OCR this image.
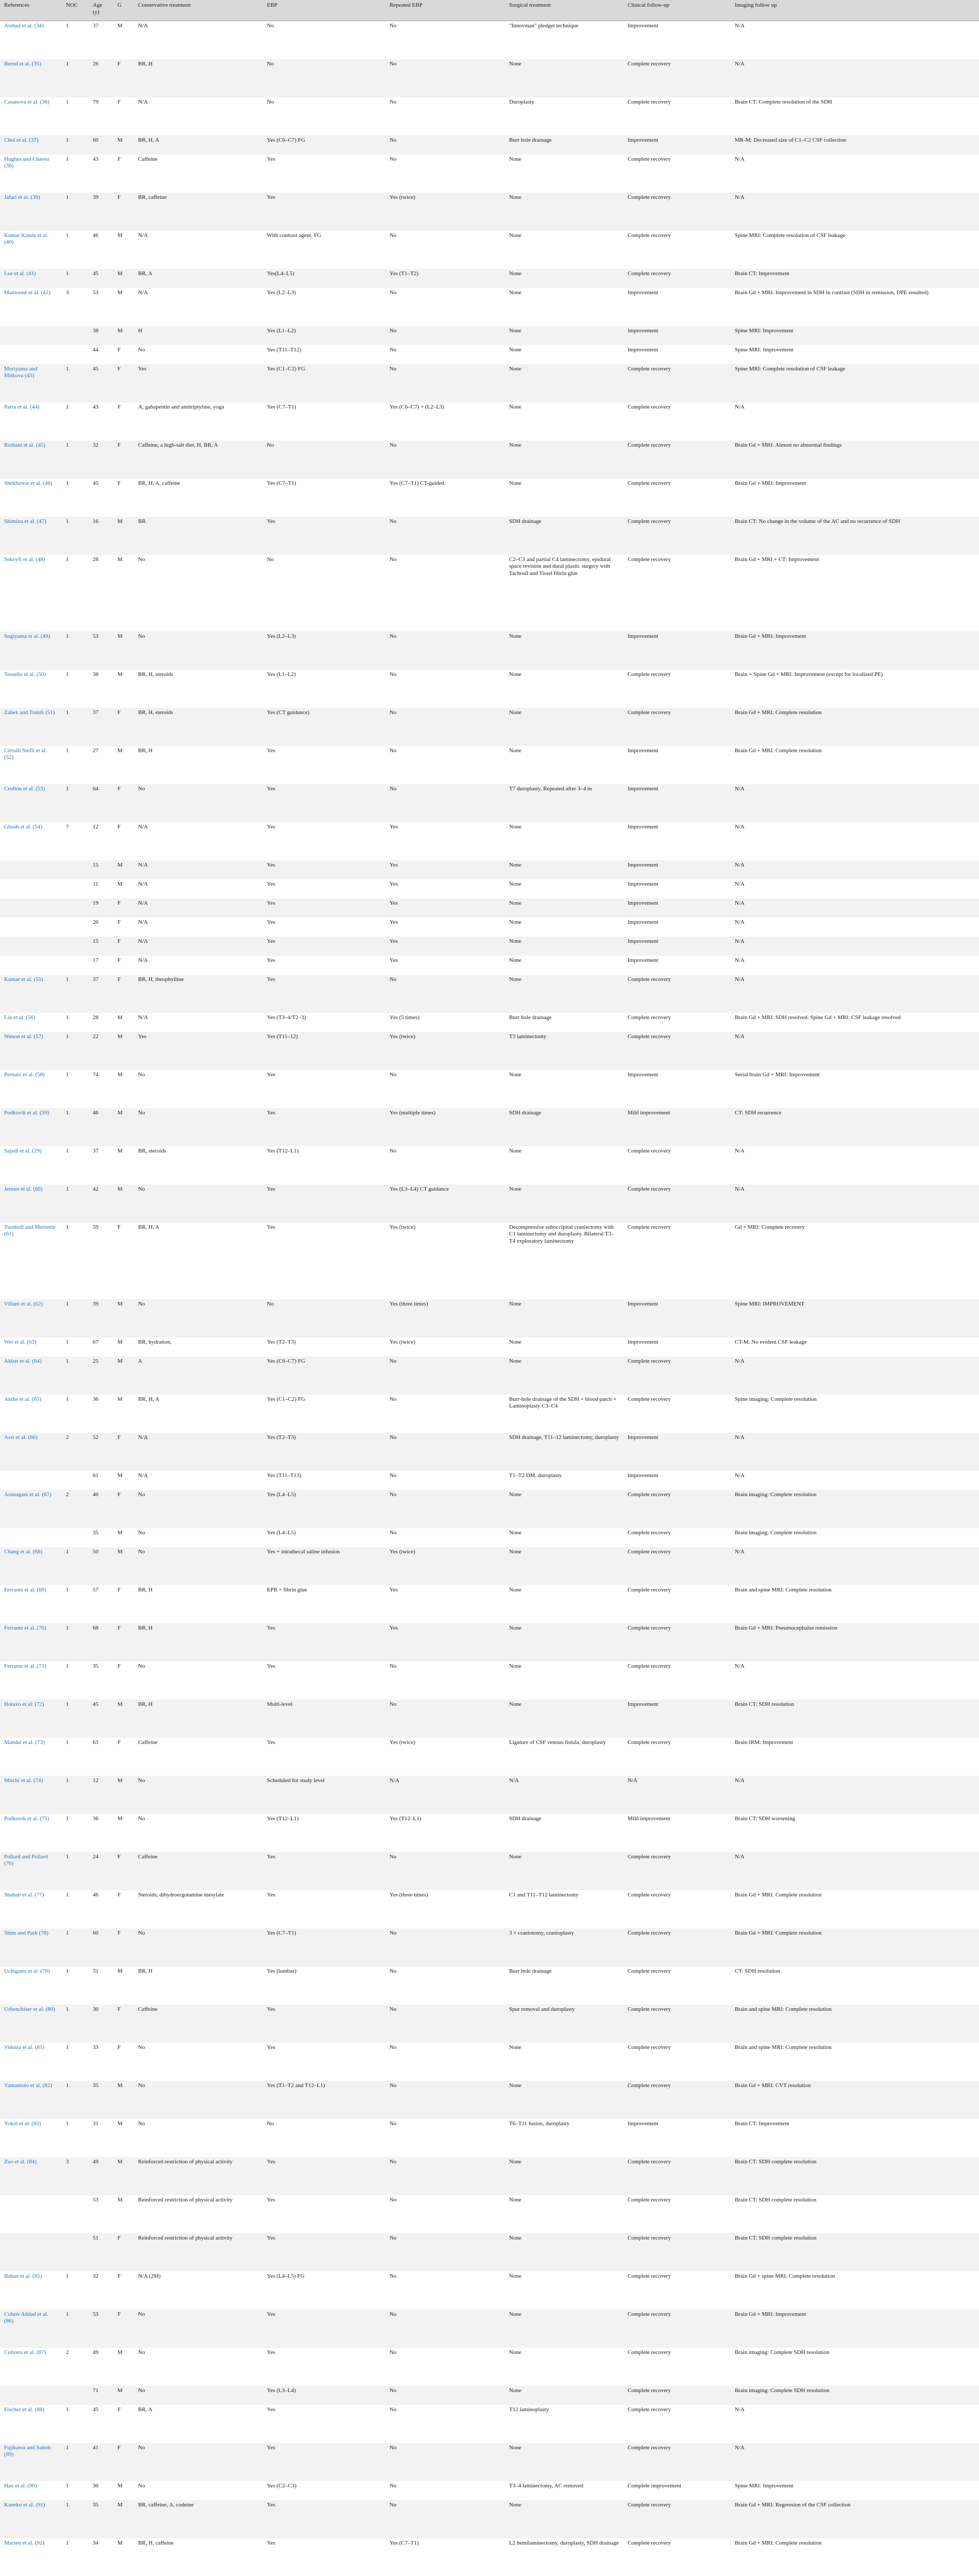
References	NOC	Age (y)	G	Conservative treatment	EBP	Repeated EBP	Surgical treatment	Clinical follow-up	Imaging follow up
Arshad et al. (34)	1	37	M	N/A	No	No	"Innovman" pledget technique	Improvement	N/A
Bernd et al. (35)	1	26	F	BR, H	No	No	None	Complete recovery	N/A
Casanova et al. (36)	1	79	F	N/A	No	No	Duroplasty	Complete recovery	Brain CT: Complete resolution of the SDH
Choi et al. (37)	1	60	M	BR, H, A	Yes (C6–C7) FG	No	Burr hole drainage	Improvement	MR-M: Decreased size of C1–C2 CSF collection
Hughes and Chavez (38)	1	43	F	Caffeine	Yes	No	None	Complete recovery	N/A
Jafari et al. (39)	1	39	F	BR, caffeine	Yes	Yes (twice)	None	Complete recovery	N/A
Kumar Kanda et al. (40)	1	46	M	N/A	With contrast agent, FG	No	None	Complete recovery	Spine MRI: Complete resolution of CSF leakage
Lee et al. (41)	1	45	M	BR, A	Yes(L4–L5)	Yes (T1–T2)	None	Complete recovery	Brain CT: Improvement
Mamoune et al. (42)	3	53	M	N/A	Yes (L2–L3)	No	None	Improvement	Brain Gd + MRI: Improvement in SDH in contrast (SDH in remission, DPE resulted)
		38	M	H	Yes (L1–L2)	No	None	Improvement	Spine MRI: Improvement
		44	F	No	Yes (T11–T12)	No	None	Improvement	Spine MRI: Improvement
Moriyama and Mitkova (43)	1	45	F	Yes	Yes (C1–C2) FG	No	None	Complete recovery	Spine MRI: Complete resolution of CSF leakage
Parra et al. (44)	1	43	F	A, gabapentin and amitriptyline, yoga	Yes (C7–T1)	Yes (C6–C7) + (L2–L3)	None	Complete recovery	N/A
Rothani et al. (45)	1	32	F	Caffeine, a high-salt diet, H, BR, A	No	No	None	Complete recovery	Brain Gd + MRI: Almost no abnormal findings
Shekhawat et al. (46)	1	45	F	BR, H, A, caffeine	Yes (C7–T1)	Yes (C7–T1) CT-guided	None	Complete recovery	Brain Gd + MRI: Improvement
Shimizu et al. (47)	1	16	M	BR	Yes	No	SDH drainage	Complete recovery	Brain CT: No change in the volume of the AC and no recurrence of SDH
Sekoyfi et al. (48)	1	28	M	No	No	No	C2–C3 and partial C4 laminectomy, epidural space revision and dural plastic surgery with Tachosil and Tissel fibrin glue	Complete recovery	Brain Gd + MRI + CT: Improvement
Sugiyama et al. (49)	1	53	M	No	Yes (L2–L3)	No	None	Improvement	Brain Gd + MRI: Improvement
Tessello et al. (50)	1	38	M	BR, H, steroids	Yes (L1–L2)	No	None	Complete recovery	Brain + Spine Gd + MRI: Improvement (except for localized PE)
Zabek and Tomik (51)	1	37	F	BR, H, steroids	Yes (CT guidance)	No	None	Complete recovery	Brain Gd + MRI: Complete resolution
Cirrulli Stefli et al. (52)	1	27	M	BR, H	Yes	No	None	Improvement	Brain Gd + MRI: Complete resolution
Crofton et al. (53)	1	64	F	No	Yes	No	T7 duroplasty. Repeated after 3–4 m	Improvement	N/A
Ghosh et al. (54)	7	12	F	N/A	Yes	Yes	None	Improvement	N/A
		15	M	N/A	Yes	Yes	None	Improvement	N/A
		11	M	N/A	Yes	Yes	None	Improvement	N/A
		19	F	N/A	Yes	Yes	None	Improvement	N/A
		20	F	N/A	Yes	Yes	None	Improvement	N/A
		15	F	N/A	Yes	Yes	None	Improvement	N/A
		17	F	N/A	Yes	Yes	None	Improvement	N/A
Kumar et al. (55)	1	37	F	BR, H, theophylline	Yes	No	None	Complete recovery	N/A
Liu et al. (56)	1	28	M	N/A	Yes (T3–4/T2–3)	Yes (5 times)	Burr hole drainage	Complete recovery	Brain Gd + MRI: SDH resolved. Spine Gd + MRI: CSF leakage resolved
Nimon et al. (57)	1	22	M	Yes	Yes (T11–12)	Yes (twice)	T3 laminectomy	Complete recovery	N/A
Pernato et al. (58)	1	74	M	No	Yes	No	None	Improvement	Serial brain Gd + MRI: Improvement
Podkovik et al. (59)	1	46	M	No	Yes	Yes (multiple times)	SDH drainage	Mild improvement	CT: SDH recurrence
Sajadi et al. (29)	1	37	M	BR, steroids	Yes (T12–L1)	No	None	Complete recovery	N/A
Jensen et al. (60)	1	42	M	No	Yes	Yes (L3–L4) CT guidance	None	Complete recovery	N/A
Turnbull and Mortenle (61)	1	59	F	BR, H, A	Yes	Yes (twice)	Decompressive suboccipital craniectomy with C1 laminectomy and duroplasty. Bilateral T3–T4 exploratory laminectomy	Complete recovery	Gd + MRI: Complete recovery
Villani et al. (62)	1	39	M	No	No	Yes (three times)	None	Improvement	Spine MRI: IMPROVEMENT
Wei et al. (63)	1	67	M	BR, hydration,	Yes (T2–T3)	Yes (twice)	None	Improvement	CT-M: No evident CSF leakage
Akbar et al. (64)	1	25	M	A	Yes (C6–C7) FG	No	None	Complete recovery	N/A
Akthe et al. (65)	1	36	M	BR, H, A	Yes (C1–C2) FG	No	Burr-hole drainage of the SDH + blood patch + Laminoplasty C3–C4	Complete recovery	Spine imaging: Complete resolution
Assi et al. (66)	2	52	F	N/A	Yes (T2–T3)	No	SDH drainage, T11–12 laminectomy, duroplasty	Improvement	N/A
		61	M	N/A	Yes (T11–T13)	No	T1–T2 DM, duroplasty	Improvement	N/A
Arunagam et al. (67)	2	40	F	No	Yes (L4–L5)	No	None	Complete recovery	Brain imaging: Complete resolution
		35	M	No	Yes (L4–L5)	No	None	Complete recovery	Brain imaging: Complete resolution
Chang et al. (68)	1	50	M	No	Yes + intrathecal saline infusion	Yes (twice)	None	Complete recovery	N/A
Ferrante et al. (69)	1	57	F	BR, H	EPB + fibrin glue	Yes	None	Complete recovery	Brain and spine MRI: Complete resolution
Ferrante et al. (70)	1	68	F	BR, H	Yes	Yes	None	Complete recovery	Brain Gd + MRI: Pneumocephalus remission
Ferrante et al. (71)	1	35	F	No	Yes	No	None	Complete recovery	N/A
Hotaxo et al. (72)	1	45	M	BR, H	Multi-level	No	None	Improvement	Brain CT: SDH resolution
Mandal et al. (73)	1	63	F	Caffeine	Yes	Yes (twice)	Ligature of CSF venous fistula, duroplasty	Complete recovery	Brain IRM: Improvement
Mirchi et al. (74)	1	12	M	No	Scheduled for study level	N/A	N/A	N/A	N/A
Podkovik et al. (75)	1	36	M	No	Yes (T12–L1)	Yes (T12–L1)	SDH drainage	Mild improvement	Brain CT: SDH worsening
Pollard and Pollard (76)	1	24	F	Caffeine	Yes	No	None	Complete recovery	N/A
Shahab et al. (77)	1	46	F	Steroids, dihydroergotamine mesylate	Yes	Yes (three times)	C1 and T11–T12 laminectomy	Complete recovery	Brain Gd + MRI: Complete resolution
Shim and Park (78)	1	60	F	No	Yes (C7–T1)	No	3 × craniotomy, cranioplasty	Complete recovery	Brain Gd + MRI: Complete resolution
Uchigami et al. (79)	1	31	M	BR, H	Yes (lumbar)	No	Burr hole drainage	Complete recovery	CT: SDH resolution
Urbenchiser et al. (80)	1	30	F	Caffeine	Yes	No	Spur removal and duroplasty	Complete recovery	Brain and spine MRI: Complete resolution
Vidoira et al. (81)	1	33	F	No	Yes	No	None	Complete recovery	Brain and spine MRI: Complete resolution
Yamamoto et al. (82)	1	35	M	No	Yes (T1–T2 and T12–L1)	No	None	Complete recovery	Brain Gd + MRI: CVT resolution
Yokoi et al. (83)	1	31	M	No	No	No	T6–T11 fusion, duroplasty	Improvement	Brain CT: Improvement
Zuo et al. (84)	3	49	M	Reinforced restriction of physical activity	Yes	No	None	Complete recovery	Brain CT: SDH complete resolution
		53	M	Reinforced restriction of physical activity	Yes	No	None	Complete recovery	Brain CT: SDH complete resolution
		51	F	Reinforced restriction of physical activity	Yes	No	None	Complete recovery	Brain CT: SDH complete resolution
Bahan et al. (85)	1	32	F	N/A (2M)	Yes (L4–L5) FG	No	None	Complete recovery	Brain Gd + spine MRI: Complete resolution
Cohen-Addad et al. (86)	1	53	F	No	Yes	No	None	Complete recovery	Brain Gd + MRI: Improvement
Cultrera et al. (87)	2	49	M	No	Yes	No	None	Complete recovery	Brain imaging: Complete SDH resolution
		71	M	No	Yes (L3–L4)	No	None	Complete recovery	Brain imaging: Complete SDH resolution
Fischer et al. (88)	1	45	F	BR, A	Yes	No	T12 laminoplasty	Complete recovery	N/A
Fujikawa and Saitoh (89)	1	41	F	No	Yes	No	None	Complete recovery	N/A
Hao et al. (90)	1	30	M	No	Yes (C2–C3)	No	T3–4 laminectomy, AC removed	Complete improvement	Spine MRI: Improvement
Kaneko et al. (91)	1	35	M	BR, caffeine, A, codeine	Yes	No	None	Complete recovery	Brain Gd + MRI: Regression of the CSF collection
Marsen et al. (92)	1	34	M	BR, H, caffeine	Yes	Yes (C7–T1)	L2 hemilaminectomy, duroplasty, SDH drainage	Complete recovery	Brain Gd + MRI: Complete resolution
